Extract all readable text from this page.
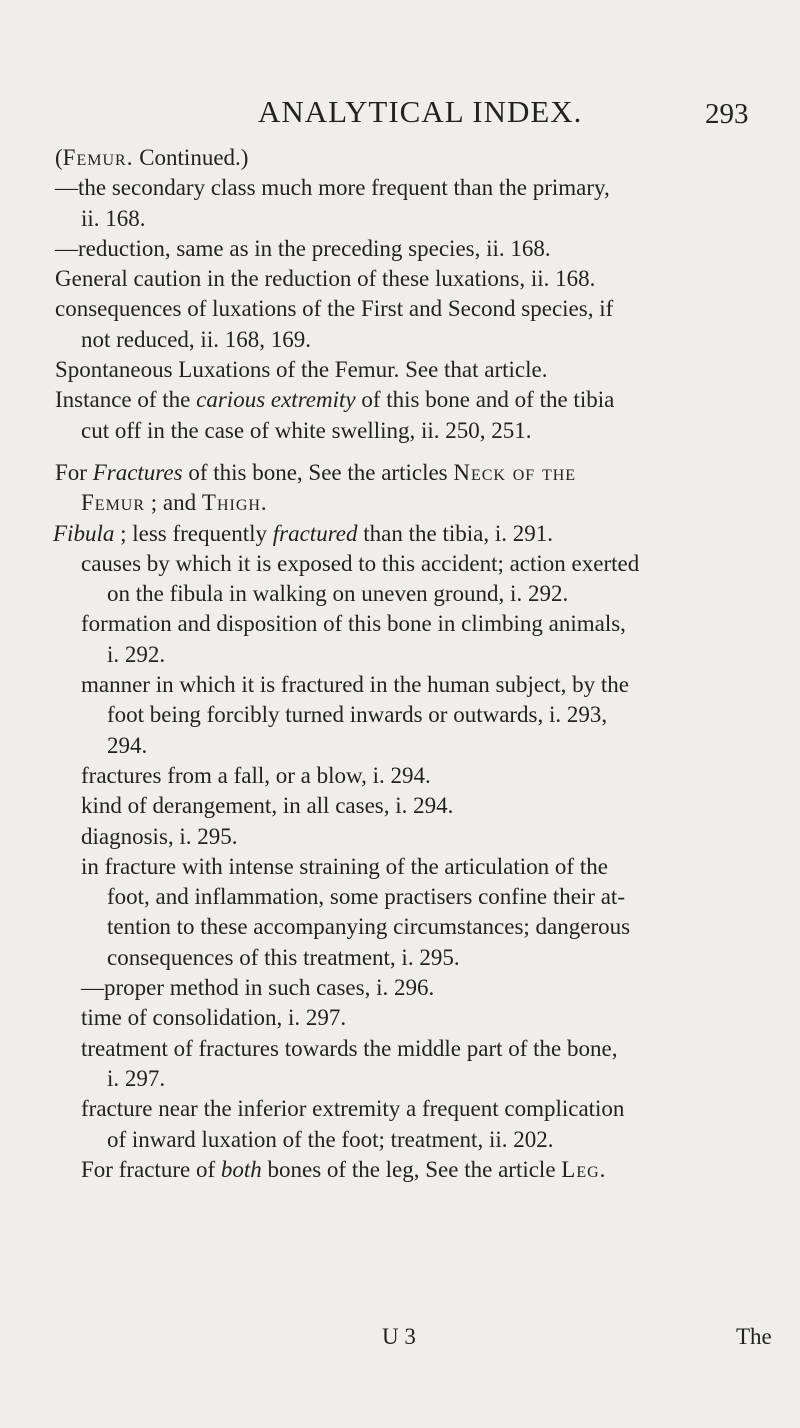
ANALYTICAL INDEX.	293
(Femur. Continued.)
—the secondary class much more frequent than the primary,
ii. 168.
—reduction, same as in the preceding species, ii. 168.
General caution in the reduction of these luxations, ii. 168.
consequences of luxations of the First and Second species, if
not reduced, ii. 168, 169.
Spontaneous Luxations of the Femur. See that article.
Instance of the carious extremity of this bone and of the tibia
cut off in the case of white swelling, ii. 250, 251.
For Fractures of this bone, See the articles Neck of the
Femur ; and Thigh.
Fibula ; less frequently fractured than the tibia, i. 291.
causes by which it is exposed to this accident; action exerted
on the fibula in walking on uneven ground, i. 292.
formation and disposition of this bone in climbing animals,
i. 292.
manner in which it is fractured in the human subject, by the
foot being forcibly turned inwards or outwards, i. 293,
294.
fractures from a fall, or a blow, i. 294.
kind of derangement, in all cases, i. 294.
diagnosis, i. 295.
in fracture with intense straining of the articulation of the
foot, and inflammation, some practisers confine their at-
tention to these accompanying circumstances; dangerous
consequences of this treatment, i. 295.
—proper method in such cases, i. 296.
time of consolidation, i. 297.
treatment of fractures towards the middle part of the bone,
i. 297.
fracture near the inferior extremity a frequent complication
of inward luxation of the foot; treatment, ii. 202.
For fracture of both bones of the leg, See the article Leg.
U 3	The
